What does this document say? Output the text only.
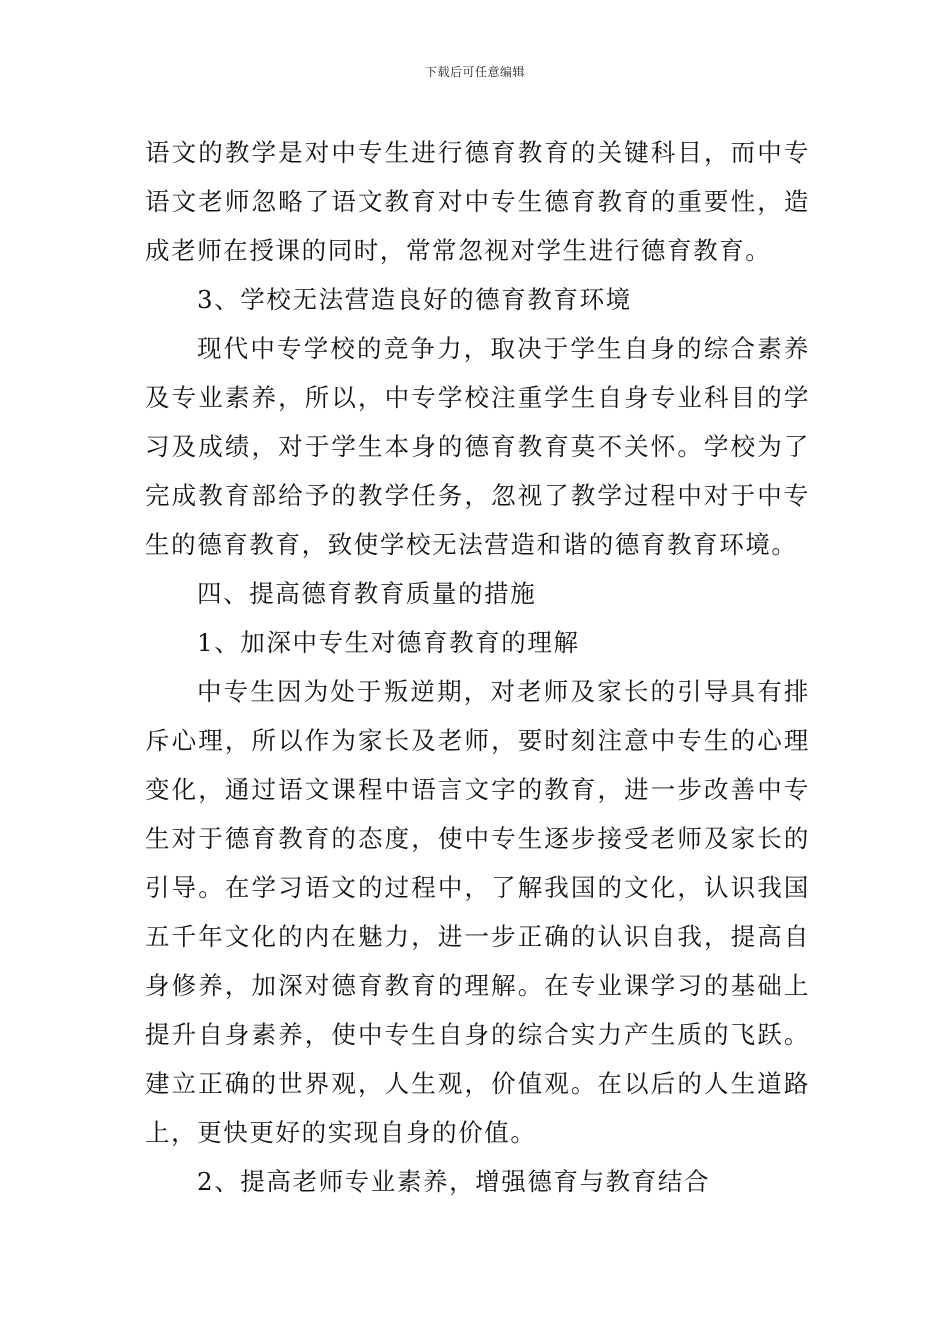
下载后可任意编辑

语文的教学是对中专生进行德育教育的关键科目，而中专语文老师忽略了语文教育对中专生德育教育的重要性，造成老师在授课的同时，常常忽视对学生进行德育教育。

3、学校无法营造良好的德育教育环境

现代中专学校的竞争力，取决于学生自身的综合素养及专业素养，所以，中专学校注重学生自身专业科目的学习及成绩，对于学生本身的德育教育莫不关怀。学校为了完成教育部给予的教学任务，忽视了教学过程中对于中专生的德育教育，致使学校无法营造和谐的德育教育环境。

四、提高德育教育质量的措施

1、加深中专生对德育教育的理解

中专生因为处于叛逆期，对老师及家长的引导具有排斥心理，所以作为家长及老师，要时刻注意中专生的心理变化，通过语文课程中语言文字的教育，进一步改善中专生对于德育教育的态度，使中专生逐步接受老师及家长的引导。在学习语文的过程中，了解我国的文化，认识我国五千年文化的内在魅力，进一步正确的认识自我，提高自身修养，加深对德育教育的理解。在专业课学习的基础上提升自身素养，使中专生自身的综合实力产生质的飞跃。建立正确的世界观，人生观，价值观。在以后的人生道路上，更快更好的实现自身的价值。

2、提高老师专业素养，增强德育与教育结合
